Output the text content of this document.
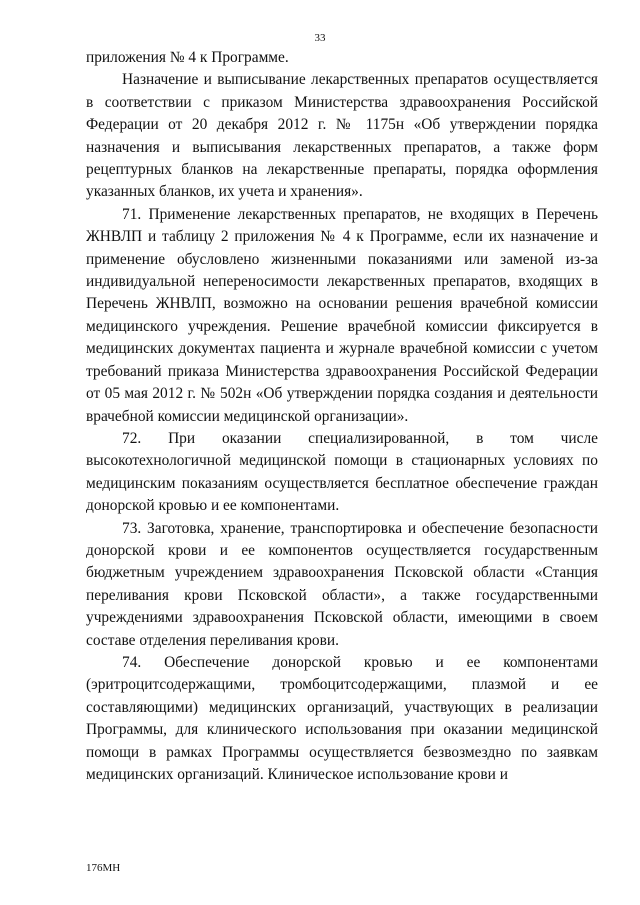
33

приложения № 4 к Программе.

Назначение и выписывание лекарственных препаратов осуществляется в соответствии с приказом Министерства здравоохранения Российской Федерации от 20 декабря 2012 г. № 1175н «Об утверждении порядка назначения и выписывания лекарственных препаратов, а также форм рецептурных бланков на лекарственные препараты, порядка оформления указанных бланков, их учета и хранения».

71. Применение лекарственных препаратов, не входящих в Перечень ЖНВЛП и таблицу 2 приложения № 4 к Программе, если их назначение и применение обусловлено жизненными показаниями или заменой из-за индивидуальной непереносимости лекарственных препаратов, входящих в Перечень ЖНВЛП, возможно на основании решения врачебной комиссии медицинского учреждения. Решение врачебной комиссии фиксируется в медицинских документах пациента и журнале врачебной комиссии с учетом требований приказа Министерства здравоохранения Российской Федерации от 05 мая 2012 г. № 502н «Об утверждении порядка создания и деятельности врачебной комиссии медицинской организации».

72. При оказании специализированной, в том числе высокотехнологичной медицинской помощи в стационарных условиях по медицинским показаниям осуществляется бесплатное обеспечение граждан донорской кровью и ее компонентами.

73. Заготовка, хранение, транспортировка и обеспечение безопасности донорской крови и ее компонентов осуществляется государственным бюджетным учреждением здравоохранения Псковской области «Станция переливания крови Псковской области», а также государственными учреждениями здравоохранения Псковской области, имеющими в своем составе отделения переливания крови.

74. Обеспечение донорской кровью и ее компонентами (эритроцитсодержащими, тромбоцитсодержащими, плазмой и ее составляющими) медицинских организаций, участвующих в реализации Программы, для клинического использования при оказании медицинской помощи в рамках Программы осуществляется безвозмездно по заявкам медицинских организаций. Клиническое использование крови и

176МН
